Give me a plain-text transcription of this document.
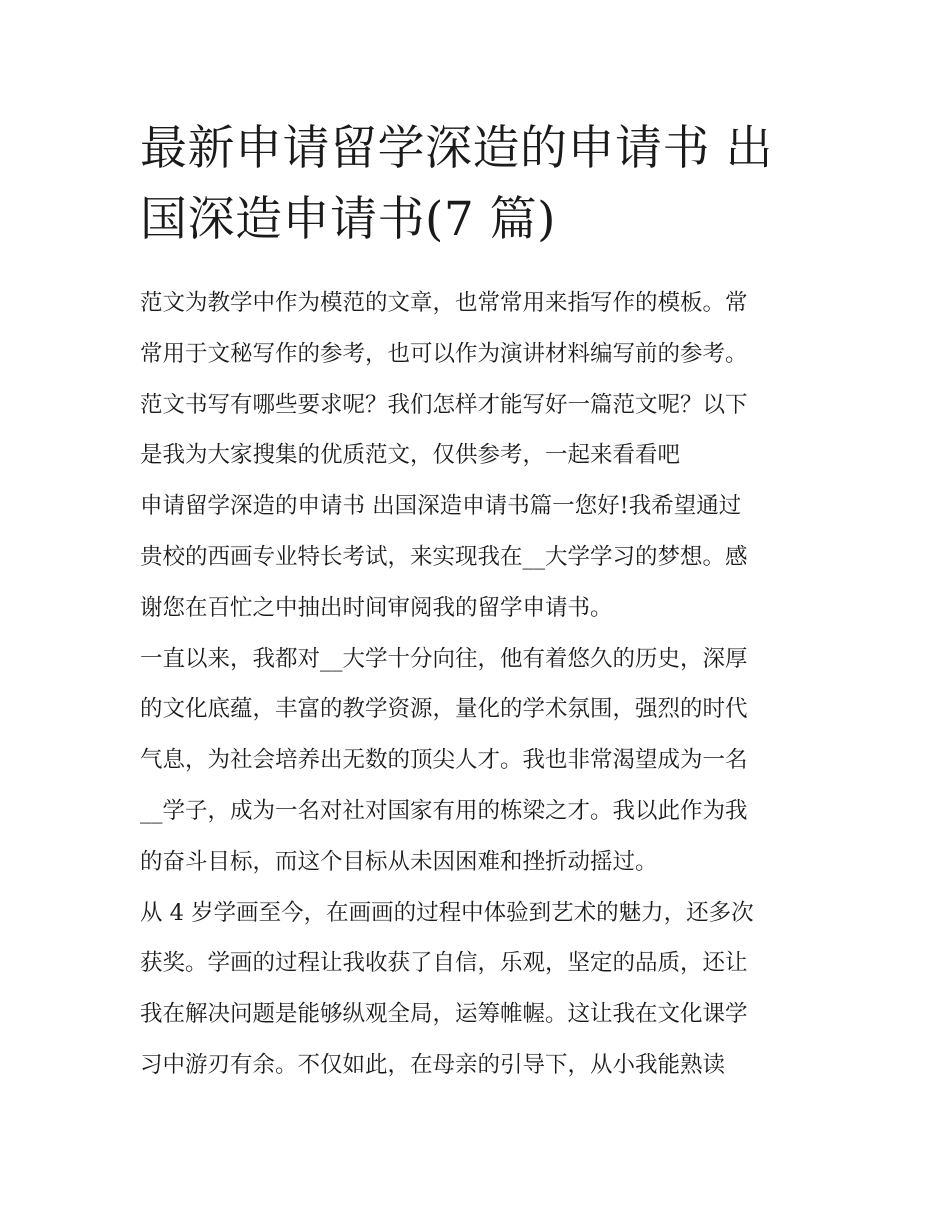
最新申请留学深造的申请书 出
国深造申请书(7 篇)
范文为教学中作为模范的文章，也常常用来指写作的模板。常
常用于文秘写作的参考，也可以作为演讲材料编写前的参考。
范文书写有哪些要求呢？我们怎样才能写好一篇范文呢？以下
是我为大家搜集的优质范文，仅供参考，一起来看看吧
申请留学深造的申请书 出国深造申请书篇一您好!我希望通过
贵校的西画专业特长考试，来实现我在__大学学习的梦想。感
谢您在百忙之中抽出时间审阅我的留学申请书。
一直以来，我都对__大学十分向往，他有着悠久的历史，深厚
的文化底蕴，丰富的教学资源，量化的学术氛围，强烈的时代
气息，为社会培养出无数的顶尖人才。我也非常渴望成为一名
__学子，成为一名对社对国家有用的栋梁之才。我以此作为我
的奋斗目标，而这个目标从未因困难和挫折动摇过。
从 4 岁学画至今，在画画的过程中体验到艺术的魅力，还多次
获奖。学画的过程让我收获了自信，乐观，坚定的品质，还让
我在解决问题是能够纵观全局，运筹帷幄。这让我在文化课学
习中游刃有余。不仅如此，在母亲的引导下，从小我能熟读
